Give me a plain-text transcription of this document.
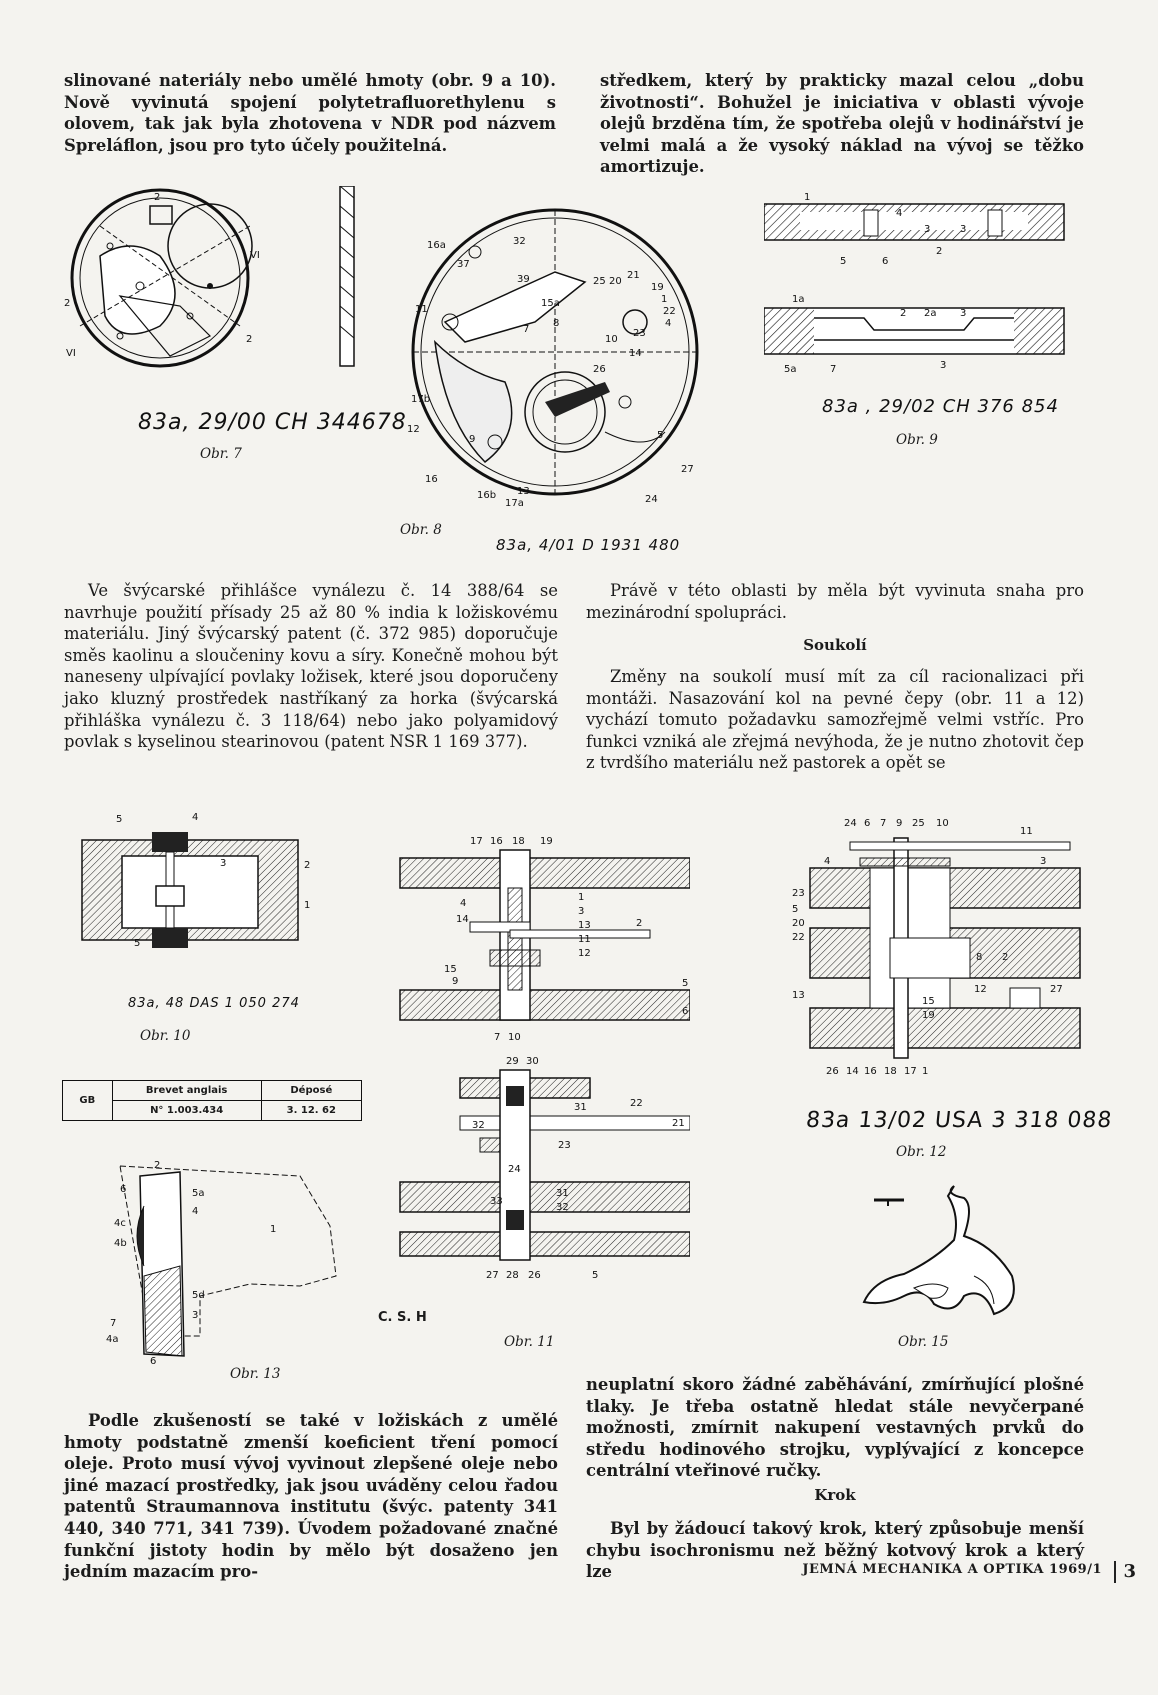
slinované nateriály nebo umělé hmoty (obr. 9 a 10). Nově vyvinutá spojení polytetrafluorethylenu s olovem, tak jak byla zhotovena v NDR pod názvem Spreláflon, jsou pro tyto účely použitelná.

středkem, který by prakticky mazal celou „dobu životnosti“. Bohužel je iniciativa v oblasti vývoje olejů brzděna tím, že spotřeba olejů v hodinářství je velmi malá a že vysoký náklad na vývoj se těžko amortizuje.

2
VI
2
VI
2
83a, 29/00 CH 344678
Obr. 7
16a
37
32
39	25 20
21
19
1
22
23
4
11
15a
7
8
10
14
26
17b
12
9	5
16
16b
17a
13
27
24
Obr. 8
83a, 4/01 D 1931 480
1
4
3	3
5	6
2
1a
2 2a 3
5a	7	3
83a , 29/02 CH 376 854
Obr. 9

Ve švýcarské přihlášce vynálezu č. 14 388/64 se navrhuje použití přísady 25 až 80 % india k ložiskovému materiálu. Jiný švýcarský patent (č. 372 985) doporučuje směs kaolinu a sloučeniny kovu a síry. Konečně mohou být naneseny ulpívající povlaky ložisek, které jsou doporučeny jako kluzný prostředek nastříkaný za horka (švýcarská přihláška vynálezu č. 3 118/64) nebo jako polyamidový povlak s kyselinou stearinovou (patent NSR 1 169 377).

Právě v této oblasti by měla být vyvinuta snaha pro mezinárodní spolupráci.

Soukolí

Změny na soukolí musí mít za cíl racionalizaci při montáži. Nasazování kol na pevné čepy (obr. 11 a 12) vychází tomuto požadavku samozřejmě velmi vstříc. Pro funkci vzniká ale zřejmá nevýhoda, že je nutno zhotovit čep z tvrdšího materiálu než pastorek a opět se

5	4
3	2
1
5
83a, 48 DAS 1 050 274
Obr. 10
GB	Brevet anglais	Déposé
	N° 1.003.434	3. 12. 62
2
6	5a
4
1
4c
4b
5d
7
4a
3
6
Obr. 13
17 16 18 19
4
14
15
9
7 10
1
3
13
11
12
2
5
6
29 30
31	22
21
32
23
24
33
31
32
27 28 26	5
C. S. H
Obr. 11
24 6 7 9 25 10
11
4	3
23
5
20
22
8 2
12	27
13
15
19
26 14 16 18 17 1
83a 13/02 USA 3 318 088
Obr. 12
Obr. 15

Podle zkušeností se také v ložiskách z umělé hmoty podstatně zmenší koeficient tření pomocí oleje. Proto musí vývoj vyvinout zlepšené oleje nebo jiné mazací prostředky, jak jsou uváděny celou řadou patentů Straumannova institutu (švýc. patenty 341 440, 340 771, 341 739). Úvodem požadované značné funkční jistoty hodin by mělo být dosaženo jen jedním mazacím pro-

neuplatní skoro žádné zaběhávání, zmírňující plošné tlaky. Je třeba ostatně hledat stále nevyčerpané možnosti, zmírnit nakupení vestavných prvků do středu hodinového strojku, vyplývající z koncepce centrální vteřinové ručky.

Krok

Byl by žádoucí takový krok, který způsobuje menší chybu isochronismu než běžný kotvový krok a který lze	JEMNÁ MECHANIKA A OPTIKA 1969/1 3
